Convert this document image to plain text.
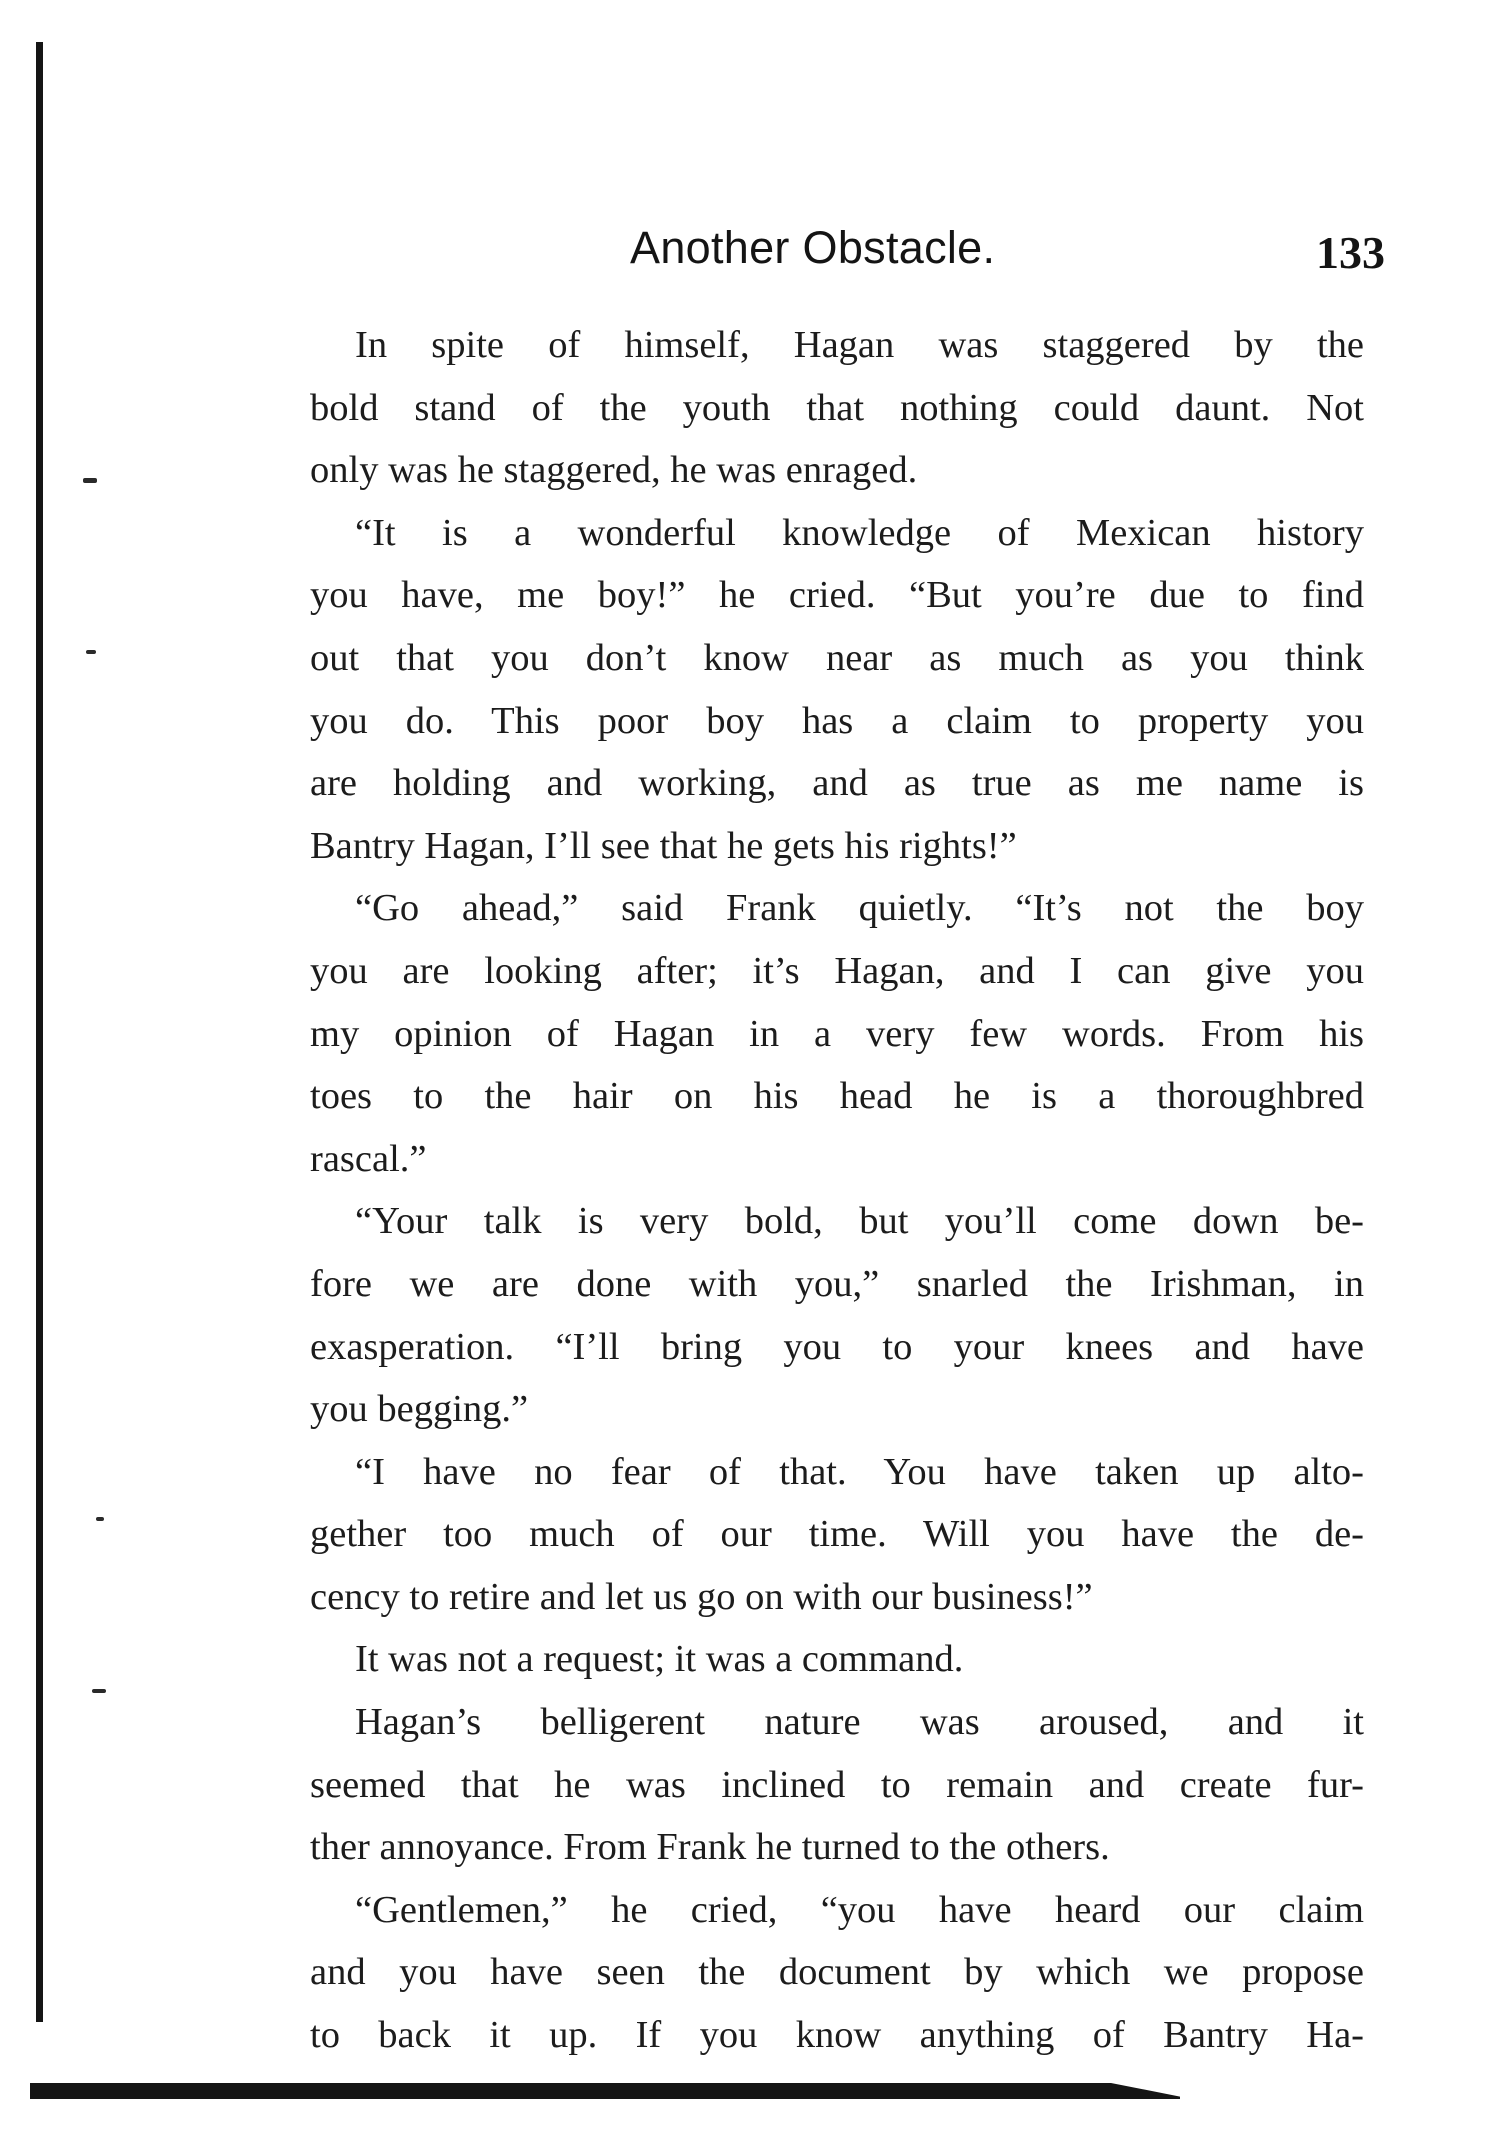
Another Obstacle.	133
In spite of himself, Hagan was staggered by the
bold stand of the youth that nothing could daunt. Not
only was he staggered, he was enraged.
“It is a wonderful knowledge of Mexican history
you have, me boy!” he cried. “But you’re due to find
out that you don’t know near as much as you think
you do. This poor boy has a claim to property you
are holding and working, and as true as me name is
Bantry Hagan, I’ll see that he gets his rights!”
“Go ahead,” said Frank quietly. “It’s not the boy
you are looking after; it’s Hagan, and I can give you
my opinion of Hagan in a very few words. From his
toes to the hair on his head he is a thoroughbred
rascal.”
“Your talk is very bold, but you’ll come down be-
fore we are done with you,” snarled the Irishman, in
exasperation. “I’ll bring you to your knees and have
you begging.”
“I have no fear of that. You have taken up alto-
gether too much of our time. Will you have the de-
cency to retire and let us go on with our business!”
It was not a request; it was a command.
Hagan’s belligerent nature was aroused, and it
seemed that he was inclined to remain and create fur-
ther annoyance. From Frank he turned to the others.
“Gentlemen,” he cried, “you have heard our claim
and you have seen the document by which we propose
to back it up. If you know anything of Bantry Ha-
